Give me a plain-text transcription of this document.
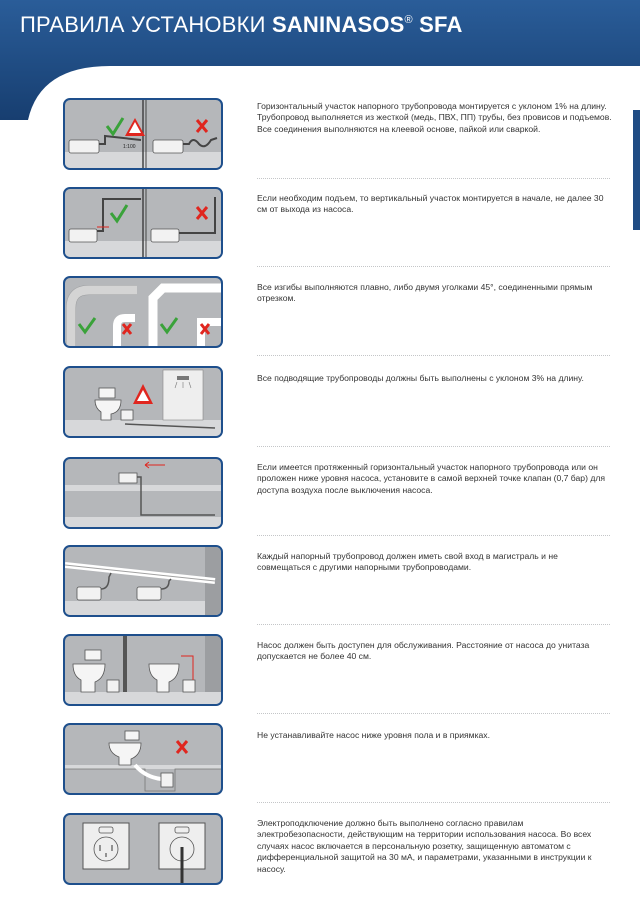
ПРАВИЛА УСТАНОВКИ SANINASOS® SFA
1:100
Горизонтальный участок напорного трубопровода монтируется с уклоном 1% на длину. Трубопровод выполняется из жесткой (медь, ПВХ, ПП) трубы, без провисов и подъемов. Все соединения выполняются на клеевой основе, пайкой или сваркой.
Если необходим подъем, то вертикальный участок монтируется в начале, не далее 30 см от выхода из насоса.
Все изгибы выполняются плавно, либо двумя уголками 45°, соединенными прямым отрезком.
Все подводящие трубопроводы должны быть выполнены с уклоном 3% на длину.
Если имеется протяженный горизонтальный участок напорного трубопровода или он проложен ниже уровня насоса, установите в самой верхней точке клапан (0,7 бар) для доступа воздуха после выключения насоса.
Каждый напорный трубопровод должен иметь свой вход в магистраль и не совмещаться с другими напорными трубопроводами.
Насос должен быть доступен для обслуживания. Расстояние от насоса до унитаза допускается не более 40 см.
Не устанавливайте насос ниже уровня пола и в приямках.
Электроподключение должно быть выполнено согласно правилам электробезопасности, действующим на территории использования насоса. Во всех случаях насос включается в персональную розетку, защищенную автоматом с дифференциальной защитой на 30 мА, и параметрами, указанными в инструкции к насосу.
